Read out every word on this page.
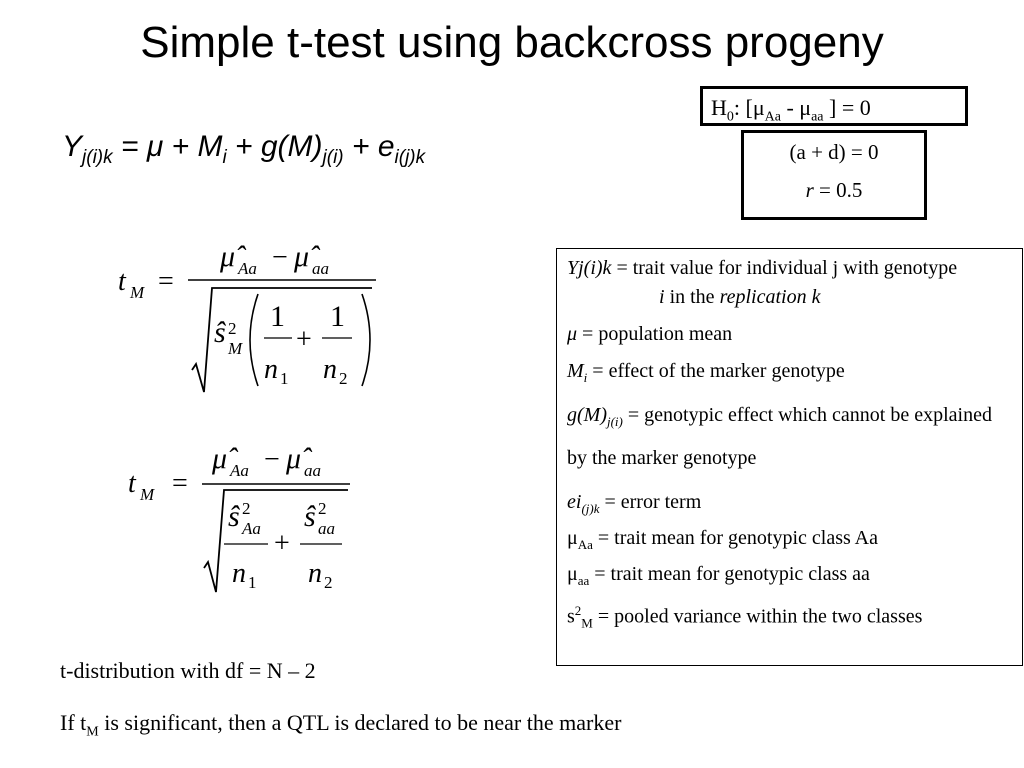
Simple t-test using backcross progeny
$Y_{j(i)k} = \mu + M_i + g(M)_{j(i)} + e_{i(j)k}$
$H_0$: [$\mu_{Aa} - \mu_{aa}$ ] = 0
(a + d) = 0
r = 0.5
t M =
μ̂ Aa − μ̂ aa
ŝ 2
M
1
n 1
+
1
n 2
t M =
μ̂ Aa − μ̂ aa
ŝ 2
Aa
n 1
+
ŝ 2
aa
n 2

Yj(i)k = trait value for individual j with genotype

i in the replication k

μ = population mean

$M_i$ = effect of the marker genotype

$g(M)_{j(i)}$ = genotypic effect which cannot be explained by the marker genotype

$ei_{(j)k}$ = error term

$\mu_{Aa}$ = trait mean for genotypic class Aa

$\mu_{aa}$ = trait mean for genotypic class aa

$s^2_M$ = pooled variance within the two classes

t-distribution with df = N – 2
If $t_M$ is significant, then a QTL is declared to be near the marker
